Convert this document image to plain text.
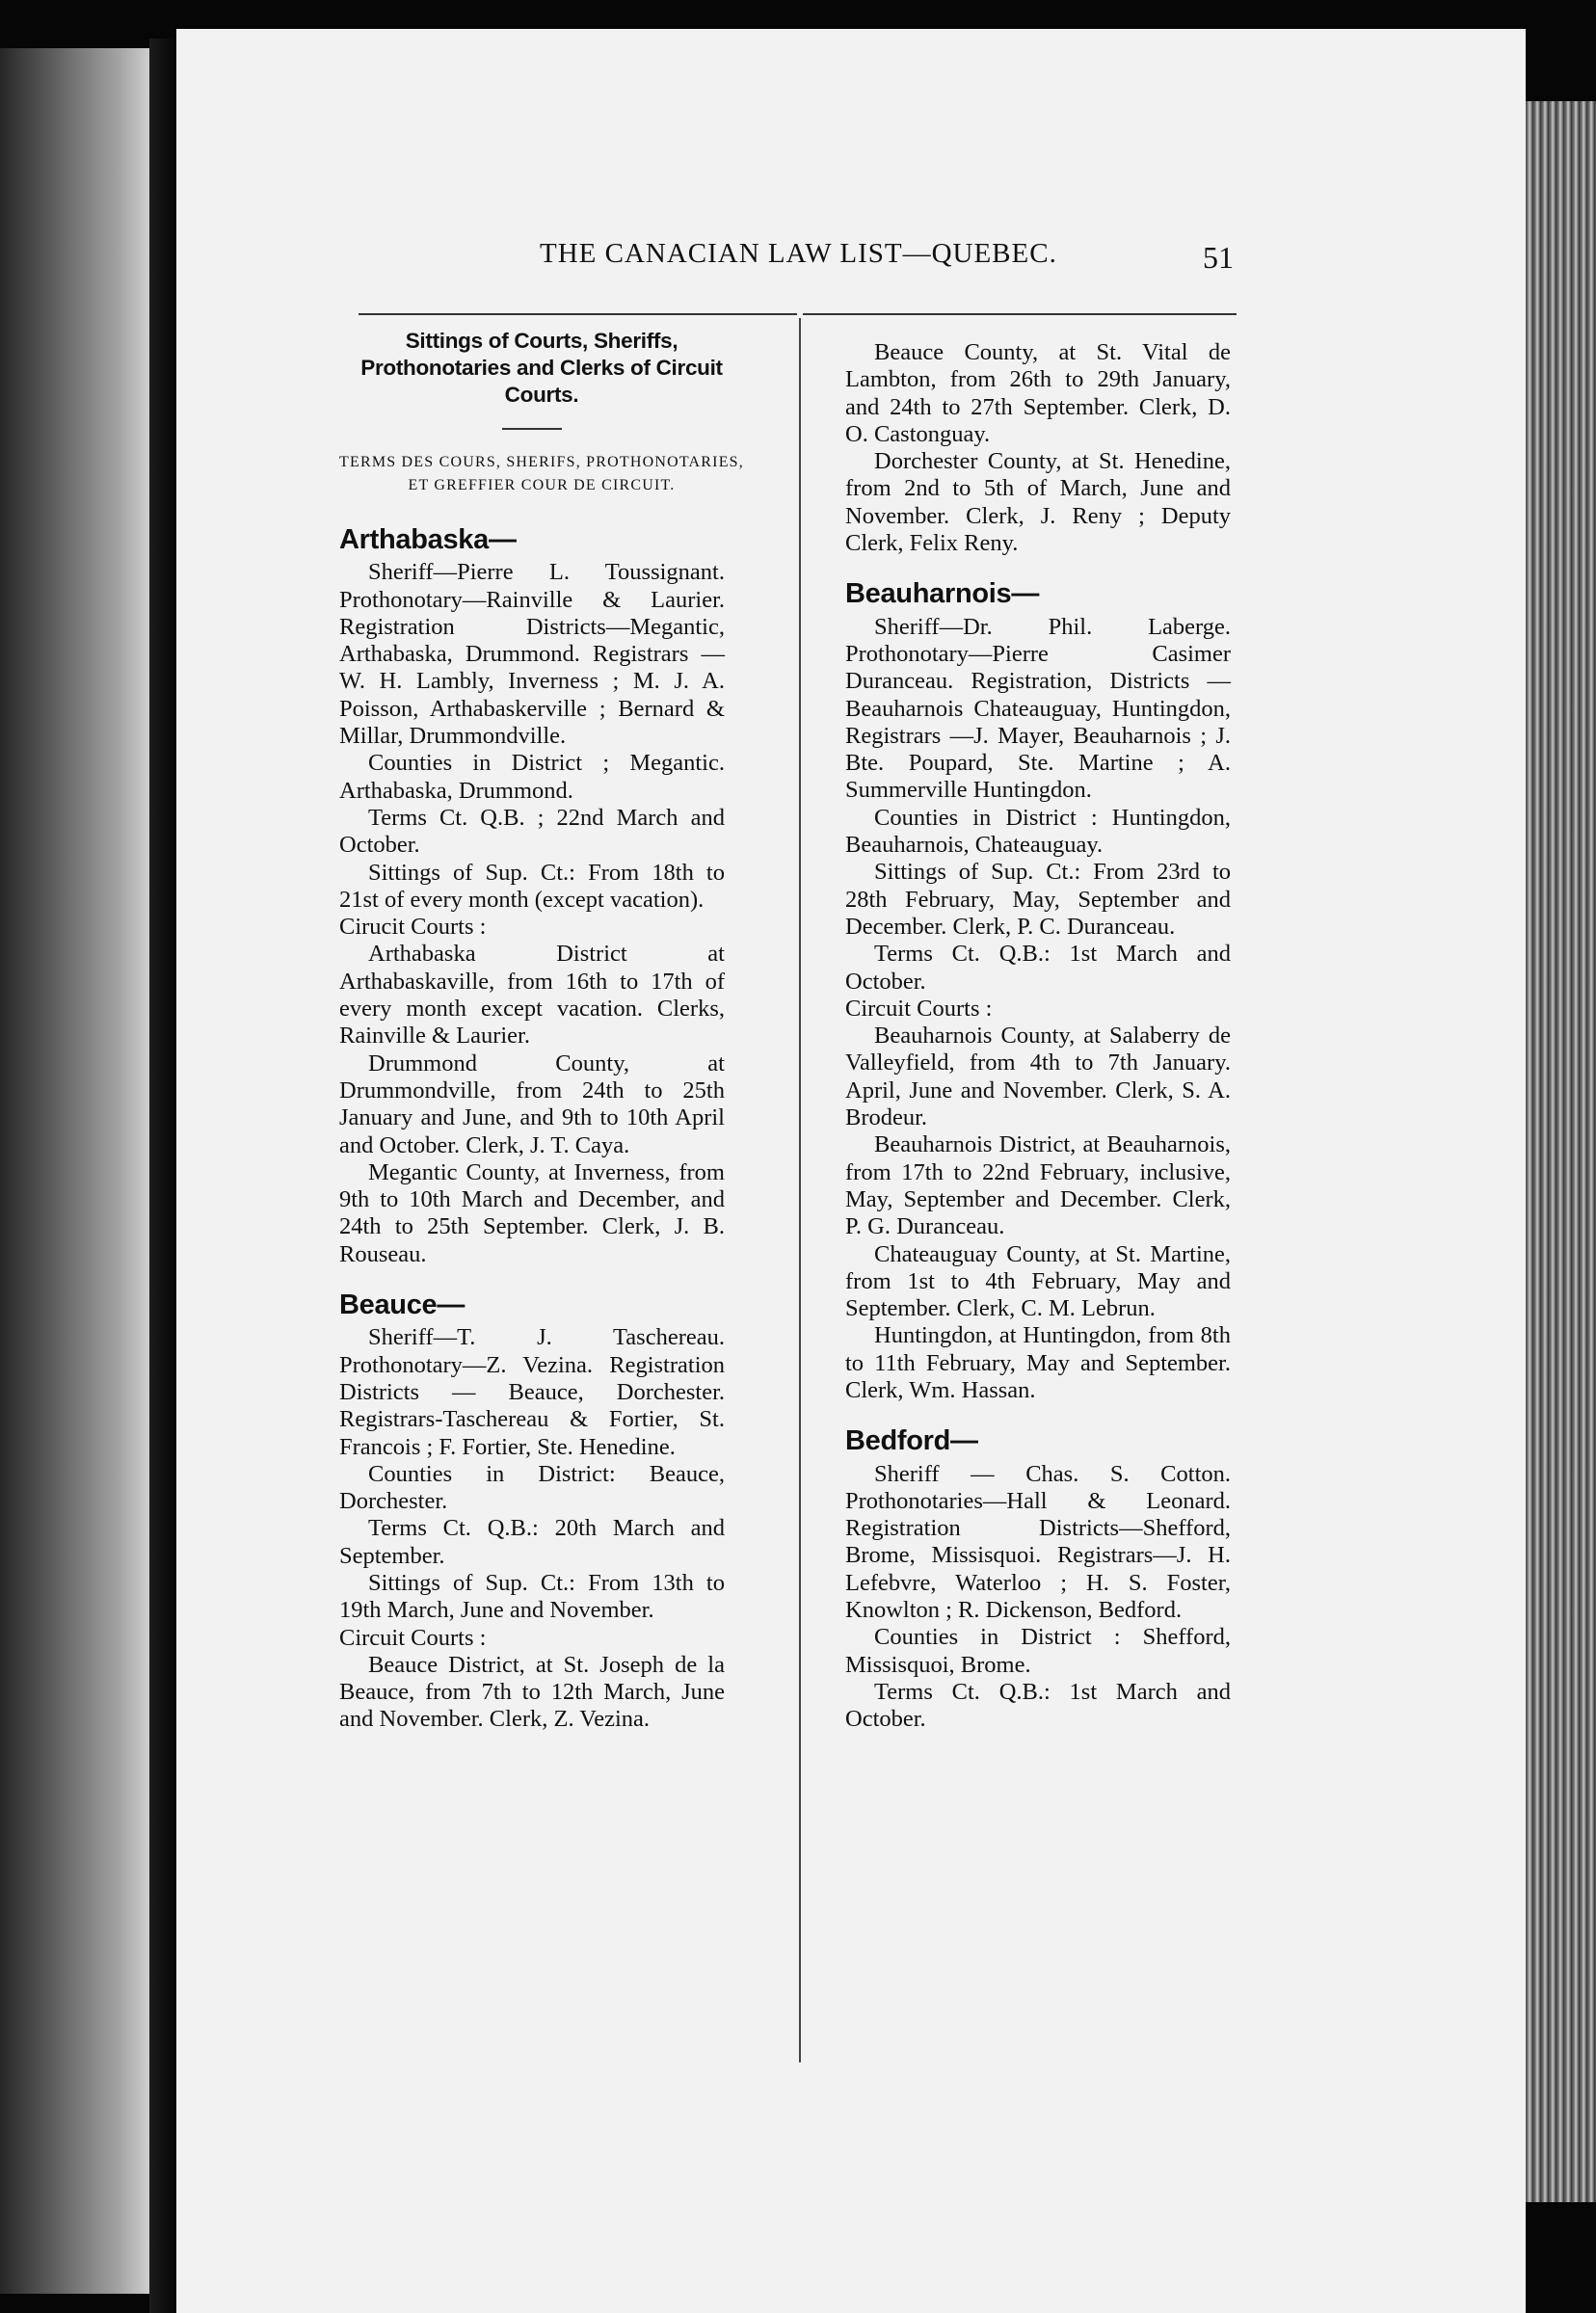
THE CANACIAN LAW LIST—QUEBEC.	51
Sittings of Courts, Sheriffs, Prothonotaries and Clerks of Circuit Courts.
TERMS DES COURS, SHERIFS, PROTHONOTARIES, ET GREFFIER COUR DE CIRCUIT.
Arthabaska—

Sheriff—Pierre L. Toussignant. Prothonotary—Rainville & Laurier. Registration Districts—Megantic, Arthabaska, Drummond. Registrars — W. H. Lambly, Inverness ; M. J. A. Poisson, Arthabaskerville ; Bernard & Millar, Drummondville.

Counties in District ; Megantic. Arthabaska, Drummond.

Terms Ct. Q.B. ; 22nd March and October.

Sittings of Sup. Ct.: From 18th to 21st of every month (except vacation).

Cirucit Courts :

Arthabaska District at Arthabaskaville, from 16th to 17th of every month except vacation. Clerks, Rainville & Laurier.

Drummond County, at Drummondville, from 24th to 25th January and June, and 9th to 10th April and October. Clerk, J. T. Caya.

Megantic County, at Inverness, from 9th to 10th March and December, and 24th to 25th September. Clerk, J. B. Rouseau.

Beauce—

Sheriff—T. J. Taschereau. Prothonotary—Z. Vezina. Registration Districts — Beauce, Dorchester. Registrars-Taschereau & Fortier, St. Francois ; F. Fortier, Ste. Henedine.

Counties in District: Beauce, Dorchester.

Terms Ct. Q.B.: 20th March and September.

Sittings of Sup. Ct.: From 13th to 19th March, June and November.

Circuit Courts :

Beauce District, at St. Joseph de la Beauce, from 7th to 12th March, June and November. Clerk, Z. Vezina.

Beauce County, at St. Vital de Lambton, from 26th to 29th January, and 24th to 27th September. Clerk, D. O. Castonguay.

Dorchester County, at St. Henedine, from 2nd to 5th of March, June and November. Clerk, J. Reny ; Deputy Clerk, Felix Reny.

Beauharnois—

Sheriff—Dr. Phil. Laberge. Prothonotary—Pierre Casimer Duranceau. Registration, Districts — Beauharnois Chateauguay, Huntingdon, Registrars —J. Mayer, Beauharnois ; J. Bte. Poupard, Ste. Martine ; A. Summerville Huntingdon.

Counties in District : Huntingdon, Beauharnois, Chateauguay.

Sittings of Sup. Ct.: From 23rd to 28th February, May, September and December. Clerk, P. C. Duranceau.

Terms Ct. Q.B.: 1st March and October.

Circuit Courts :

Beauharnois County, at Salaberry de Valleyfield, from 4th to 7th January. April, June and November. Clerk, S. A. Brodeur.

Beauharnois District, at Beauharnois, from 17th to 22nd February, inclusive, May, September and December. Clerk, P. G. Duranceau.

Chateauguay County, at St. Martine, from 1st to 4th February, May and September. Clerk, C. M. Lebrun.

Huntingdon, at Huntingdon, from 8th to 11th February, May and September. Clerk, Wm. Hassan.

Bedford—

Sheriff — Chas. S. Cotton. Prothonotaries—Hall & Leonard. Registration Districts—Shefford, Brome, Missisquoi. Registrars—J. H. Lefebvre, Waterloo ; H. S. Foster, Knowlton ; R. Dickenson, Bedford.

Counties in District : Shefford, Missisquoi, Brome.

Terms Ct. Q.B.: 1st March and October.
